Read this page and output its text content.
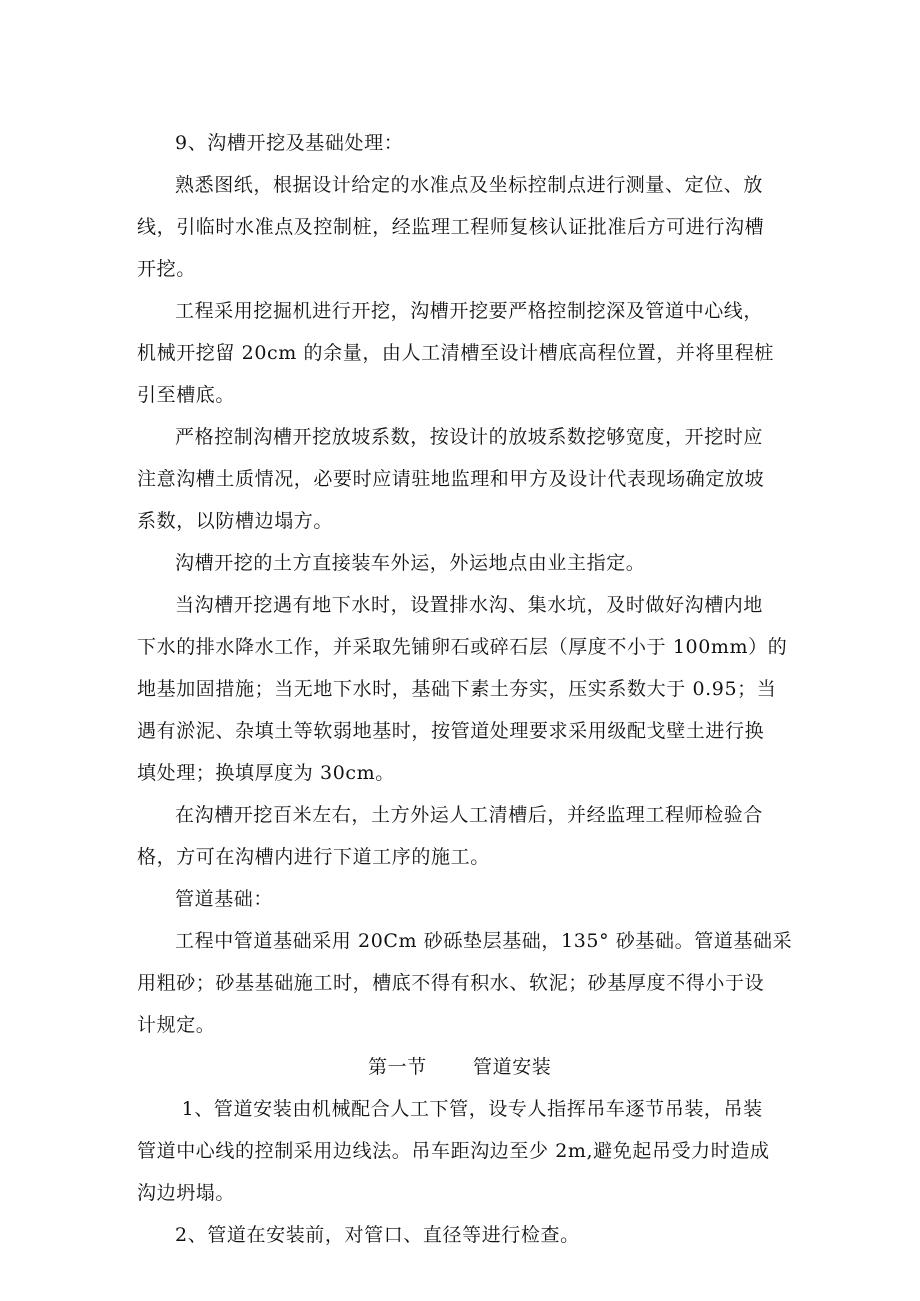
9、沟槽开挖及基础处理：
熟悉图纸，根据设计给定的水准点及坐标控制点进行测量、定位、放
线，引临时水准点及控制桩，经监理工程师复核认证批准后方可进行沟槽
开挖。
工程采用挖掘机进行开挖，沟槽开挖要严格控制挖深及管道中心线，
机械开挖留 20cm 的余量，由人工清槽至设计槽底高程位置，并将里程桩
引至槽底。
严格控制沟槽开挖放坡系数，按设计的放坡系数挖够宽度，开挖时应
注意沟槽土质情况，必要时应请驻地监理和甲方及设计代表现场确定放坡
系数，以防槽边塌方。
沟槽开挖的土方直接装车外运，外运地点由业主指定。
当沟槽开挖遇有地下水时，设置排水沟、集水坑，及时做好沟槽内地
下水的排水降水工作，并采取先铺卵石或碎石层（厚度不小于 100mm）的
地基加固措施；当无地下水时，基础下素土夯实，压实系数大于 0.95；当
遇有淤泥、杂填土等软弱地基时，按管道处理要求采用级配戈壁土进行换
填处理；换填厚度为 30cm。
在沟槽开挖百米左右，土方外运人工清槽后，并经监理工程师检验合
格，方可在沟槽内进行下道工序的施工。
管道基础：
工程中管道基础采用 20Cm 砂砾垫层基础，135° 砂基础。管道基础采
用粗砂；砂基基础施工时，槽底不得有积水、软泥；砂基厚度不得小于设
计规定。
第一节 管道安装
1、管道安装由机械配合人工下管，设专人指挥吊车逐节吊装，吊装
管道中心线的控制采用边线法。吊车距沟边至少 2m,避免起吊受力时造成
沟边坍塌。
2、管道在安装前，对管口、直径等进行检查。
